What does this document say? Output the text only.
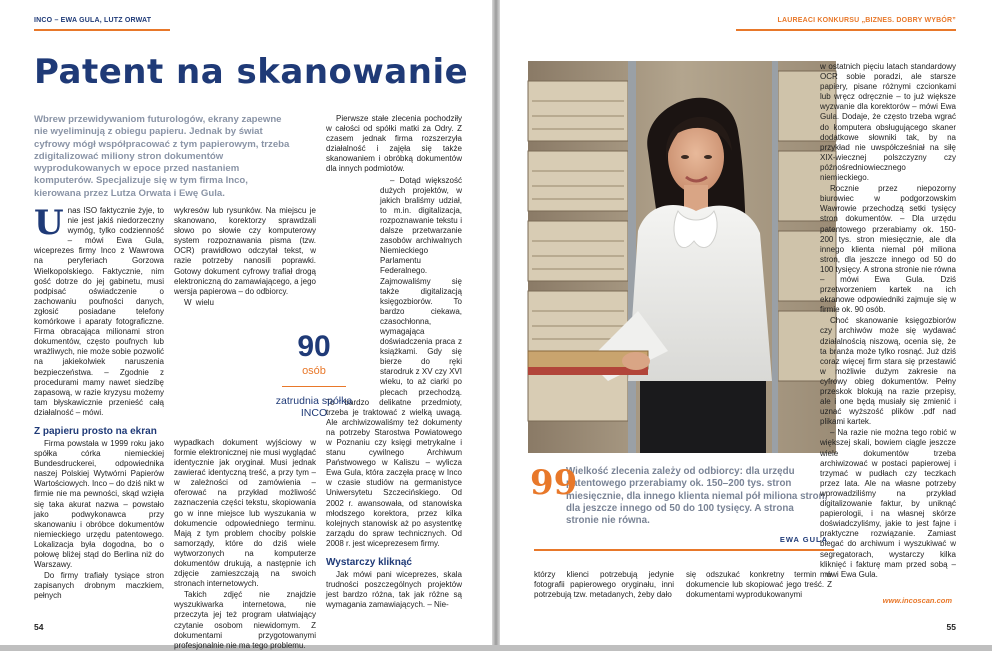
INCO – EWA GULA, LUTZ ORWAT
Patent na skanowanie

Wbrew przewidywaniom futurologów, ekrany zapewne nie wyeliminują z obiegu papieru. Jednak by świat cyfrowy mógł współpracować z tym papierowym, trzeba zdigitalizować miliony stron dokumentów wyprodukowanych w epoce przed nastaniem komputerów. Specjalizuje się w tym firma Inco, kierowana przez Lutza Orwata i Ewę Gula.

Unas ISO faktycznie żyje, to nie jest jakiś niedorzeczny wymóg, tylko codzienność – mówi Ewa Gula, wiceprezes firmy Inco z Wawrowa na peryferiach Gorzowa Wielkopolskiego. Faktycznie, nim gość dotrze do jej gabinetu, musi podpisać oświadczenie o zachowaniu poufności danych, zgłosić posiadane telefony komórkowe i aparaty fotograficzne. Firma obracająca milionami stron dokumentów, często poufnych lub wrażliwych, nie może sobie pozwolić na jakiekolwiek naruszenia bezpieczeństwa. – Zgodnie z procedurami mamy nawet siedzibę zapasową, w razie kryzysu możemy tam błyskawicznie przenieść całą działalność – mówi.

Z papieru prosto na ekran

Firma powstała w 1999 roku jako spółka córka niemieckiej Bundesdruckerei, odpowiednika naszej Polskiej Wytwórni Papierów Wartościowych. Inco – do dziś nikt w firmie nie ma pewności, skąd wzięła się taka akurat nazwa – powstało jako podwykonawca przy skanowaniu i obróbce dokumentów niemieckiego urzędu patentowego. Lokalizacja była dogodna, bo o połowę bliżej stąd do Berlina niż do Warszawy.

Do firmy trafiały tysiące stron zapisanych drobnym maczkiem, pełnych

wykresów lub rysunków. Na miejscu je skanowano, korektorzy sprawdzali słowo po słowie czy komputerowy system rozpoznawania pisma (tzw. OCR) prawidłowo odczytał tekst, w razie potrzeby nanosili poprawki. Gotowy dokument cyfrowy trafiał drogą elektroniczną do zamawiającego, a jego wersja papierowa – do odbiorcy.

W wielu wypadkach dokument wyjściowy w formie elektronicznej nie musi wyglądać identycznie jak oryginał. Musi jednak zawierać identyczną treść, a przy tym – w zależności od zamówienia – oferować na przykład możliwość zaznaczenia części tekstu, skopiowania go w inne miejsce lub wyszukania w dokumencie odpowiedniego terminu. Mają z tym problem chociby polskie samorządy, które do dziś wiele wytworzonych na komputerze dokumentów drukują, a następnie ich zdjęcie zamieszczają na swoich stronach internetowych.

Takich zdjęć nie znajdzie wyszukiwarka internetowa, nie przeczyta jej też program ułatwiający czytanie osobom niewidomym. Z dokumentami przygotowanymi profesjonalnie nie ma tego problemu.

Pierwsze stałe zlecenia pochodziły w całości od spółki matki za Odry. Z czasem jednak firma rozszerzyła działalność i zajęła się także skanowaniem i obróbką dokumentów dla innych podmiotów.

– Dotąd większość dużych projektów, w jakich braliśmy udział, to m.in. digitalizacja, rozpoznawanie tekstu i dalsze przetwarzanie zasobów archiwalnych Niemieckiego Parlamentu Federalnego. Zajmowaliśmy się także digitalizacją księgozbiorów. To bardzo ciekawa, czasochłonna, wymagająca doświadczenia praca z książkami. Gdy się bierze do ręki starodruk z XV czy XVI wieku, to aż ciarki po plecach przechodzą. To bardzo delikatne przedmioty, trzeba je traktować z wielką uwagą. Ale archiwizowaliśmy też dokumenty na potrzeby Starostwa Powiatowego w Poznaniu czy księgi metrykalne i stanu cywilnego Archiwum Państwowego w Kaliszu – wylicza Ewa Gula, która zaczęła pracę w Inco w czasie studiów na germanistyce Uniwersytetu Szczecińskiego. Od 2002 r. awansowała, od stanowiska młodszego korektora, przez kilka kolejnych stanowisk aż po asystentkę zarządu do spraw technicznych. Od 2008 r. jest wiceprezesem firmy.

Wystarczy kliknąć

Jak mówi pani wiceprezes, skala trudności poszczególnych projektów jest bardzo różna, tak jak różne są wymagania zamawiających. – Nie-

90
osób
zatrudnia spółka INCO
54
LAUREACI KONKURSU „BIZNES. DOBRY WYBÓR”
99

Wielkość zlecenia zależy od odbiorcy: dla urzędu patentowego przerabiamy ok. 150–200 tys. stron miesięcznie, dla innego klienta niemal pół miliona stron, dla jeszcze innego od 50 do 100 tysięcy. A strona stronie nie równa.

EWA GULA

którzy klienci potrzebują jedynie fotografii papierowego oryginału, inni potrzebują tzw. metadanych, żeby dało

się odszukać konkretny termin w dokumencie lub skopiować jego treść. Z dokumentami wyprodukowanymi

w ostatnich pięciu latach standardowy OCR sobie poradzi, ale starsze papiery, pisane różnymi czcionkami lub wręcz odręcznie – to już większe wyzwanie dla korektorów – mówi Ewa Gula. Dodaje, że często trzeba wgrać do komputera obsługującego skaner dodatkowe słowniki tak, by na przykład nie uwspółcześniał na siłę XIX-wiecznej polszczyzny czy późnośredniowiecznego niemieckiego.

Rocznie przez niepozorny biurowiec w podgorzowskim Wawrowie przechodzą setki tysięcy stron dokumentów. – Dla urzędu patentowego przerabiamy ok. 150-200 tys. stron miesięcznie, ale dla innego klienta niemal pół miliona stron, dla jeszcze innego od 50 do 100 tysięcy. A strona stronie nie równa – mówi Ewa Gula. Dziś przetworzeniem kartek na ich ekranowe odpowiedniki zajmuje się w firmie ok. 90 osób.

Choć skanowanie księgozbiorów czy archiwów może się wydawać działalnością niszową, ocenia się, że ta branża może tylko rosnąć. Już dziś coraz więcej firm stara się przestawić w możliwie dużym zakresie na cyfrowy obieg dokumentów. Pełny przeskok blokują na razie przepisy, ale i one będą musiały się zmienić i uznać wyższość plików .pdf nad plikami kartek.

– Na razie nie można tego robić w większej skali, bowiem ciągle jeszcze wiele dokumentów trzeba archiwizować w postaci papierowej i trzymać w pudłach czy teczkach przez lata. Ale na własne potrzeby wprowadziliśmy na przykład digitalizowanie faktur, by uniknąć papierologii, i na własnej skórze doświadczyliśmy, jakie to jest fajne i praktyczne rozwiązanie. Zamiast biegać do archiwum i wyszukiwać w segregatorach, wystarczy kilka kliknięć i fakturę mam przed sobą – mówi Ewa Gula.

www.incoscan.com
55
